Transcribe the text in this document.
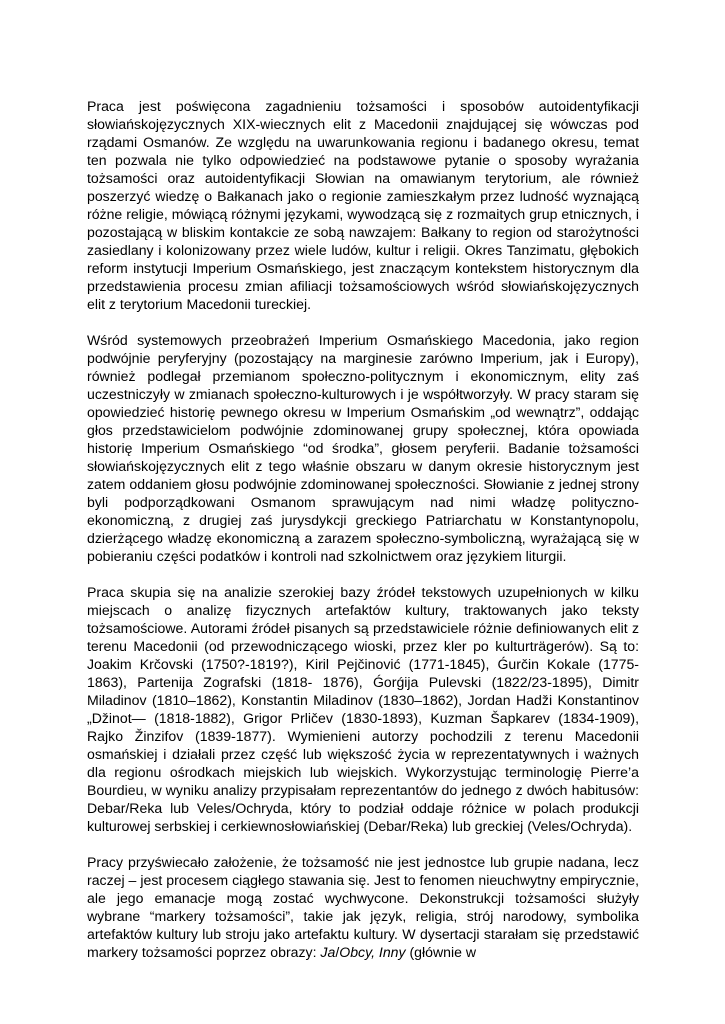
Praca jest poświęcona zagadnieniu tożsamości i sposobów autoidentyfikacji słowiańskojęzycznych XIX-wiecznych elit z Macedonii znajdującej się wówczas pod rządami Osmanów. Ze względu na uwarunkowania regionu i badanego okresu, temat ten pozwala nie tylko odpowiedzieć na podstawowe pytanie o sposoby wyrażania tożsamości oraz autoidentyfikacji Słowian na omawianym terytorium, ale również poszerzyć wiedzę o Bałkanach jako o regionie zamieszkałym przez ludność wyznającą różne religie, mówiącą różnymi językami, wywodzącą się z rozmaitych grup etnicznych, i pozostającą w bliskim kontakcie ze sobą nawzajem: Bałkany to region od starożytności zasiedlany i kolonizowany przez wiele ludów, kultur i religii. Okres Tanzimatu, głębokich reform instytucji Imperium Osmańskiego, jest znaczącym kontekstem historycznym dla przedstawienia procesu zmian afiliacji tożsamościowych wśród słowiańskojęzycznych elit z terytorium Macedonii tureckiej.

Wśród systemowych przeobrażeń Imperium Osmańskiego Macedonia, jako region podwójnie peryferyjny (pozostający na marginesie zarówno Imperium, jak i Europy), również podlegał przemianom społeczno-politycznym i ekonomicznym, elity zaś uczestniczyły w zmianach społeczno-kulturowych i je współtworzyły. W pracy staram się opowiedzieć historię pewnego okresu w Imperium Osmańskim „od wewnątrz”, oddając głos przedstawicielom podwójnie zdominowanej grupy społecznej, która opowiada historię Imperium Osmańskiego “od środka”, głosem peryferii. Badanie tożsamości słowiańskojęzycznych elit z tego właśnie obszaru w danym okresie historycznym jest zatem oddaniem głosu podwójnie zdominowanej społeczności. Słowianie z jednej strony byli podporządkowani Osmanom sprawującym nad nimi władzę polityczno-ekonomiczną, z drugiej zaś jurysdykcji greckiego Patriarchatu w Konstantynopolu, dzierżącego władzę ekonomiczną a zarazem społeczno-symboliczną, wyrażającą się w pobieraniu części podatków i kontroli nad szkolnictwem oraz językiem liturgii.

Praca skupia się na analizie szerokiej bazy źródeł tekstowych uzupełnionych w kilku miejscach o analizę fizycznych artefaktów kultury, traktowanych jako teksty tożsamościowe. Autorami źródeł pisanych są przedstawiciele różnie definiowanych elit z terenu Macedonii (od przewodniczącego wioski, przez kler po kulturträgerów). Są to: Joakim Krčovski (1750?-1819?), Kiril Pejčinović (1771-1845), Ǵurčin Kokale (1775-1863), Partenija Zografski (1818- 1876), Ǵorǵija Pulevski (1822/23-1895), Dimitr Miladinov (1810–1862), Konstantin Miladinov (1830–1862), Jordan Hadži Konstantinov „Džinot— (1818-1882), Grigor Prličev (1830-1893), Kuzman Šapkarev (1834-1909), Rajko Žinzifov (1839-1877). Wymienieni autorzy pochodzili z terenu Macedonii osmańskiej i działali przez część lub większość życia w reprezentatywnych i ważnych dla regionu ośrodkach miejskich lub wiejskich. Wykorzystując terminologię Pierre’a Bourdieu, w wyniku analizy przypisałam reprezentantów do jednego z dwóch habitusów: Debar/Reka lub Veles/Ochryda, który to podział oddaje różnice w polach produkcji kulturowej serbskiej i cerkiewnosłowiańskiej (Debar/Reka) lub greckiej (Veles/Ochryda).

Pracy przyświecało założenie, że tożsamość nie jest jednostce lub grupie nadana, lecz raczej – jest procesem ciągłego stawania się. Jest to fenomen nieuchwytny empirycznie, ale jego emanacje mogą zostać wychwycone. Dekonstrukcji tożsamości służyły wybrane “markery tożsamości”, takie jak język, religia, strój narodowy, symbolika artefaktów kultury lub stroju jako artefaktu kultury. W dysertacji starałam się przedstawić markery tożsamości poprzez obrazy: Ja/Obcy, Inny (głównie w
